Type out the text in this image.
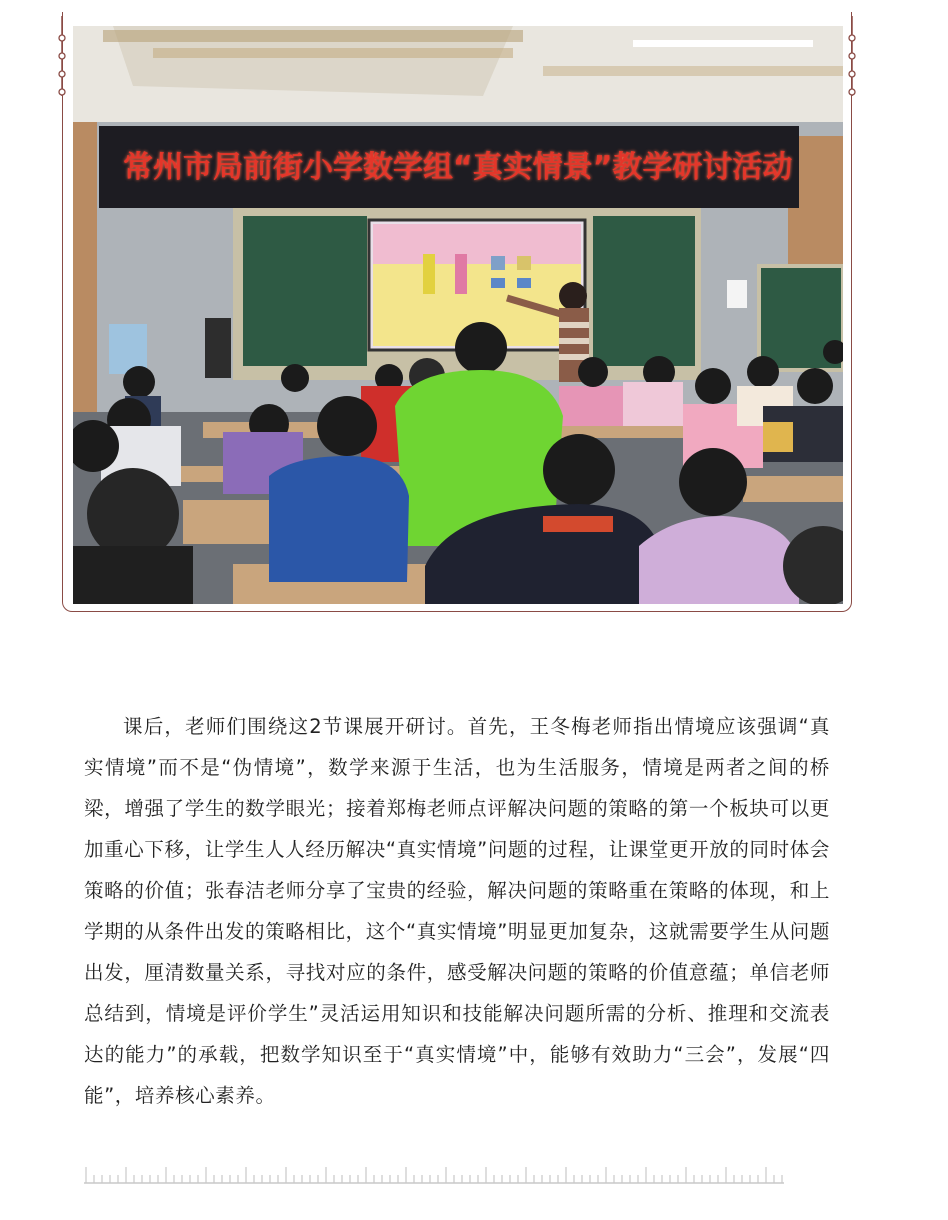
常州市局前街小学数学组“真实情景”教学研讨活动

课后，老师们围绕这2节课展开研讨。首先，王冬梅老师指出情境应该强调“真实情境”而不是“伪情境”，数学来源于生活，也为生活服务，情境是两者之间的桥梁，增强了学生的数学眼光；接着郑梅老师点评解决问题的策略的第一个板块可以更加重心下移，让学生人人经历解决“真实情境”问题的过程，让课堂更开放的同时体会策略的价值；张春洁老师分享了宝贵的经验，解决问题的策略重在策略的体现，和上学期的从条件出发的策略相比，这个“真实情境”明显更加复杂，这就需要学生从问题出发，厘清数量关系，寻找对应的条件，感受解决问题的策略的价值意蕴；单信老师总结到，情境是评价学生”灵活运用知识和技能解决问题所需的分析、推理和交流表达的能力”的承载，把数学知识至于“真实情境”中，能够有效助力“三会”，发展“四能”，培养核心素养。
